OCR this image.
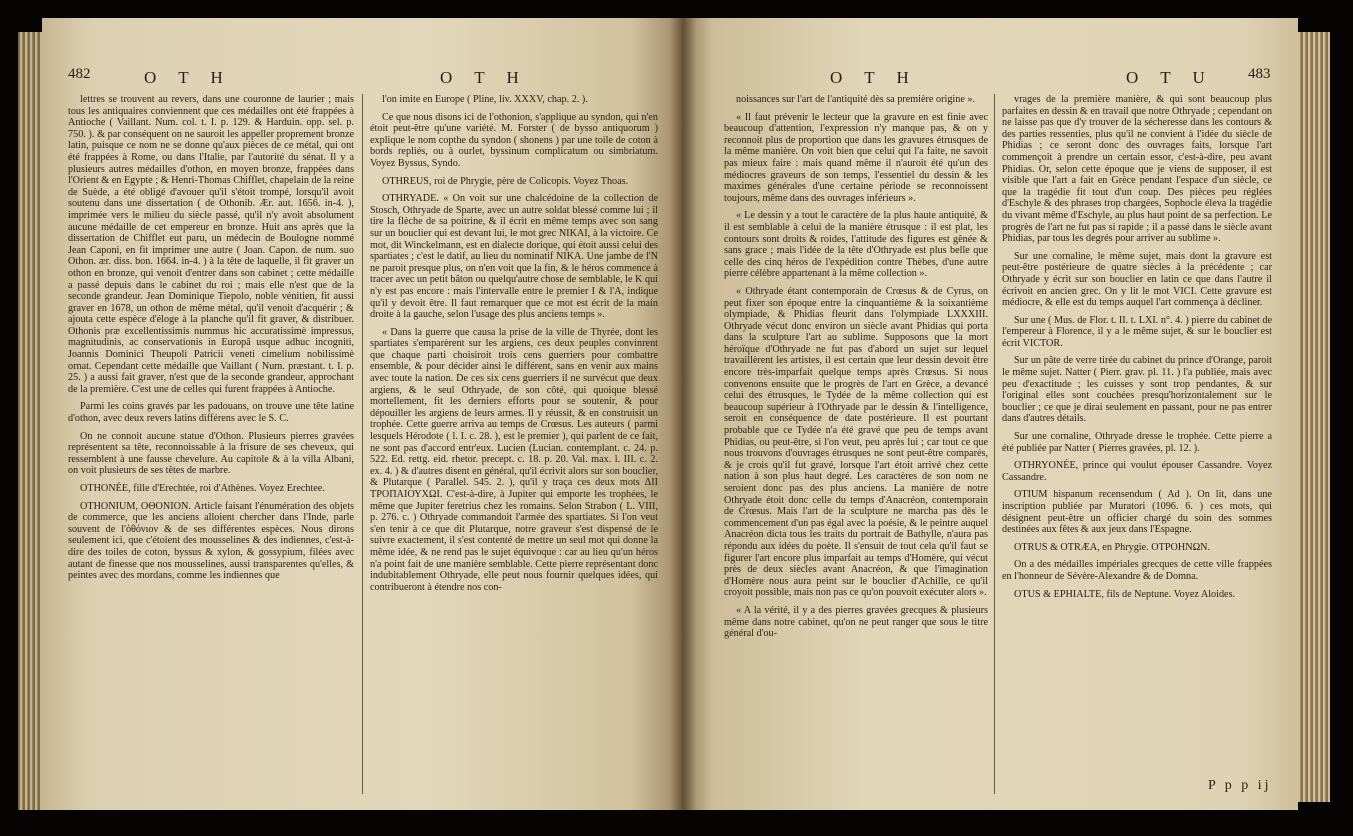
482	O T H	O T H

lettres se trouvent au revers, dans une couronne de laurier ; mais tous les antiquaires conviennent que ces médailles ont été frappées à Antioche ( Vaillant. Num. col. t. I. p. 129. & Harduin. opp. sel. p. 750. ). & par conséquent on ne sauroit les appeller proprement bronze latin, puisque ce nom ne se donne qu'aux pièces de ce métal, qui ont été frappées à Rome, ou dans l'Italie, par l'autorité du sénat. Il y a plusieurs autres médailles d'othon, en moyen bronze, frappées dans l'Orient & en Egypte ; & Henri-Thomas Chifflet, chapelain de la reine de Suède, a été obligé d'avouer qu'il s'étoit trompé, lorsqu'il avoit soutenu dans une dissertation ( de Othonib. Ær. aut. 1656. in-4. ), imprimée vers le milieu du siècle passé, qu'il n'y avoit absolument aucune médaille de cet empereur en bronze. Huit ans après que la dissertation de Chifflet eut paru, un médecin de Boulogne nommé Jean Caponi, en fit imprimer une autre ( Joan. Capon. de num. suo Othon. ær. diss. bon. 1664. in-4. ) à la tête de laquelle, il fit graver un othon en bronze, qui venoit d'entrer dans son cabinet ; cette médaille a passé depuis dans le cabinet du roi ; mais elle n'est que de la seconde grandeur. Jean Dominique Tiepolo, noble vénitien, fit aussi graver en 1678, un othon de même métal, qu'il venoit d'acquérir ; & ajouta cette espèce d'éloge à la planche qu'il fit graver, & distribuer. Othonis præ excellentissimis nummus hic accuratissimè impressus, magnitudinis, ac conservationis in Europâ usque adhuc incogniti, Joannis Dominici Theupoli Patricii veneti cimelium nobilissimè ornat. Cependant cette médaille que Vaillant ( Num. præstant. t. I. p. 25. ) a aussi fait graver, n'est que de la seconde grandeur, approchant de la première. C'est une de celles qui furent frappées à Antioche.

Parmi les coins gravés par les padouans, on trouve une tête latine d'othon, avec deux revers latins différens avec le S. C.

On ne connoit aucune statue d'Othon. Plusieurs pierres gravées représentent sa tête, reconnoissable à la frisure de ses cheveux, qui ressemblent à une fausse chevelure. Au capitole & à la villa Albani, on voit plusieurs de ses têtes de marbre.

OTHONÉE, fille d'Erechtée, roi d'Athènes. Voyez Erechtee.

OTHONIUM, ΟΘΟΝΙΟΝ. Article faisant l'énumération des objets de commerce, que les anciens alloient chercher dans l'Inde, parle souvent de l'ὀθόνιον & de ses différentes espèces. Nous dirons seulement ici, que c'étoient des mousselines & des indiennes, c'est-à-dire des toiles de coton, byssus & xylon, & gossypium, filées avec autant de finesse que nos mousselines, aussi transparentes qu'elles, & peintes avec des mordans, comme les indiennes que

l'on imite en Europe ( Pline, liv. XXXV, chap. 2. ).

Ce que nous disons ici de l'othonion, s'applique au syndon, qui n'en étoit peut-être qu'une variété. M. Forster ( de bysso antiquorum ) explique le nom copthe du syndon ( shonens ) par une toile de coton à bords repliés, ou à ourlet, byssinum complicatum ou simbriatum. Voyez Byssus, Syndo.

OTHREUS, roi de Phrygie, père de Colicopis. Voyez Thoas.

OTHRYADE. « On voit sur une chalcédoine de la collection de Stosch, Othryade de Sparte, avec un autre soldat blessé comme lui ; il tire la flèche de sa poitrine, & il écrit en même temps avec son sang sur un bouclier qui est devant lui, le mot grec ΝΙΚΑΙ, à la victoire. Ce mot, dit Winckelmann, est en dialecte dorique, qui étoit aussi celui des spartiates ; c'est le datif, au lieu du nominatif ΝΙΚΑ. Une jambe de l'N ne paroit presque plus, on n'en voit que la fin, & le héros commence à tracer avec un petit bâton ou quelqu'autre chose de semblable, le K qui n'y est pas encore : mais l'intervalle entre le premier I & l'A, indique qu'il y devoit être. Il faut remarquer que ce mot est écrit de la main droite à la gauche, selon l'usage des plus anciens temps ».

« Dans la guerre que causa la prise de la ville de Thyrée, dont les spartiates s'emparèrent sur les argiens, ces deux peuples convinrent que chaque parti choisiroit trois cens guerriers pour combattre ensemble, & pour décider ainsi le différent, sans en venir aux mains avec toute la nation. De ces six cens guerriers il ne survécut que deux argiens, & le seul Othryade, de son côté, qui quoique blessé mortellement, fit les derniers efforts pour se soutenir, & pour dépouiller les argiens de leurs armes. Il y réussit, & en construisit un trophée. Cette guerre arriva au temps de Crœsus. Les auteurs ( parmi lesquels Hérodote ( l. I. c. 28. ), est le premier ), qui parlent de ce fait, ne sont pas d'accord entr'eux. Lucien (Lucian. contemplant. c. 24. p. 522. Ed. rettg. eid. rhetor. precept. c. 18. p. 20. Val. max. l. III. c. 2. ex. 4. ) & d'autres disent en général, qu'il écrivit alors sur son bouclier, & Plutarque ( Parallel. 545. 2. ), qu'il y traça ces deux mots ΔΙΙ ΤΡΟΠΑΙΟΥΧΩΙ. C'est-à-dire, à Jupiter qui emporte les trophées, le même que Jupiter feretrius chez les romains. Selon Strabon ( L. VIII, p. 276. c. ) Othryade commandoit l'armée des spartiates. Si l'on veut s'en tenir à ce que dit Plutarque, notre graveur s'est dispensé de le suivre exactement, il s'est contenté de mettre un seul mot qui donne la même idée, & ne rend pas le sujet équivoque : car au lieu qu'un héros n'a point fait de une manière semblable. Cette pierre représentant donc indubitablement Othryade, elle peut nous fournir quelques idées, qui contribueront à étendre nos con-

O T H	O T U 483

noissances sur l'art de l'antiquité dès sa première origine ».

« Il faut prévenir le lecteur que la gravure en est finie avec beaucoup d'attention, l'expression n'y manque pas, & on y reconnoit plus de proportion que dans les gravures étrusques de la même manière. On voit bien que celui qui l'a faite, ne savoit pas mieux faire : mais quand même il n'auroit été qu'un des médiocres graveurs de son temps, l'essentiel du dessin & les maximes générales d'une certaine période se reconnoissent toujours, même dans des ouvrages inférieurs ».

« Le dessin y a tout le caractère de la plus haute antiquité, & il est semblable à celui de la manière étrusque : il est plat, les contours sont droits & roides, l'attitude des figures est gênée & sans grace ; mais l'idée de la tête d'Othryade est plus belle que celle des cinq héros de l'expédition contre Thèbes, d'une autre pierre célèbre appartenant à la même collection ».

« Othryade étant contemporain de Crœsus & de Cyrus, on peut fixer son époque entre la cinquantième & la soixantième olympiade, & Phidias fleurit dans l'olympiade LXXXIII. Othryade vécut donc environ un siècle avant Phidias qui porta dans la sculpture l'art au sublime. Supposons que la mort héroïque d'Othryade ne fut pas d'abord un sujet sur lequel travaillèrent les artistes, il est certain que leur dessin devoit être encore très-imparfait quelque temps après Crœsus. Si nous convenons ensuite que le progrès de l'art en Grèce, a devancé celui des étrusques, le Tydée de la même collection qui est beaucoup supérieur à l'Othryade par le dessin & l'intelligence, seroit en conséquence de date postérieure. Il est pourtant probable que ce Tydée n'a été gravé que peu de temps avant Phidias, ou peut-être, si l'on veut, peu après lui ; car tout ce que nous trouvons d'ouvrages étrusques ne sont peut-être comparés, & je crois qu'il fut gravé, lorsque l'art étoit arrivé chez cette nation à son plus haut degré. Les caractères de son nom ne seroient donc pas des plus anciens. La manière de notre Othryade étoit donc celle du temps d'Anacréon, contemporain de Crœsus. Mais l'art de la sculpture ne marcha pas dès le commencement d'un pas égal avec la poésie, & le peintre auquel Anacréon dicta tous les traits du portrait de Bathylle, n'aura pas répondu aux idées du poète. Il s'ensuit de tout cela qu'il faut se figurer l'art encore plus imparfait au temps d'Homère, qui vécut près de deux siècles avant Anacréon, & que l'imagination d'Homère nous aura peint sur le bouclier d'Achille, ce qu'il croyoit possible, mais non pas ce qu'on pouvoit exécuter alors ».

« A la vérité, il y a des pierres gravées grecques & plusieurs même dans notre cabinet, qu'on ne peut ranger que sous le titre général d'ou-

vrages de la première manière, & qui sont beaucoup plus parfaites en dessin & en travail que notre Othryade ; cependant on ne laisse pas que d'y trouver de la sécheresse dans les contours & des parties ressenties, plus qu'il ne convient à l'idée du siècle de Phidias ; ce seront donc des ouvrages faits, lorsque l'art commençoit à prendre un certain essor, c'est-à-dire, peu avant Phidias. Or, selon cette époque que je viens de supposer, il est visible que l'art a fait en Grèce pendant l'espace d'un siècle, ce que la tragédie fit tout d'un coup. Des pièces peu réglées d'Eschyle & des phrases trop chargées, Sophocle éleva la tragédie du vivant même d'Eschyle, au plus haut point de sa perfection. Le progrès de l'art ne fut pas si rapide ; il a passé dans le siècle avant Phidias, par tous les degrés pour arriver au sublime ».

Sur une cornaline, le même sujet, mais dont la gravure est peut-être postérieure de quatre siècles à la précédente ; car Othryade y écrit sur son bouclier en latin ce que dans l'autre il écrivoit en ancien grec. On y lit le mot VICI. Cette gravure est médiocre, & elle est du temps auquel l'art commença à décliner.

Sur une ( Mus. de Flor. t. II. t. LXI. n°. 4. ) pierre du cabinet de l'empereur à Florence, il y a le même sujet, & sur le bouclier est écrit VICTOR.

Sur un pâte de verre tirée du cabinet du prince d'Orange, paroit le même sujet. Natter ( Pierr. grav. pl. 11. ) l'a publiée, mais avec peu d'exactitude ; les cuisses y sont trop pendantes, & sur l'original elles sont couchées presqu'horizontalement sur le bouclier ; ce que je dirai seulement en passant, pour ne pas entrer dans d'autres détails.

Sur une cornaline, Othryade dresse le trophée. Cette pierre a été publiée par Natter ( Pierres gravées, pl. 12. ).

OTHRYONÉE, prince qui voulut épouser Cassandre. Voyez Cassandre.

OTIUM hispanum recensendum ( Ad ). On lit, dans une inscription publiée par Muratori (1096. 6. ) ces mots, qui désignent peut-être un officier chargé du soin des sommes destinées aux fêtes & aux jeux dans l'Espagne.

OTRUS & OTRÆA, en Phrygie. ΟΤΡΟΗΝΩΝ.

On a des médailles impériales grecques de cette ville frappées en l'honneur de Sévère-Alexandre & de Domna.

OTUS & EPHIALTE, fils de Neptune. Voyez Aloides.

P p p ij
